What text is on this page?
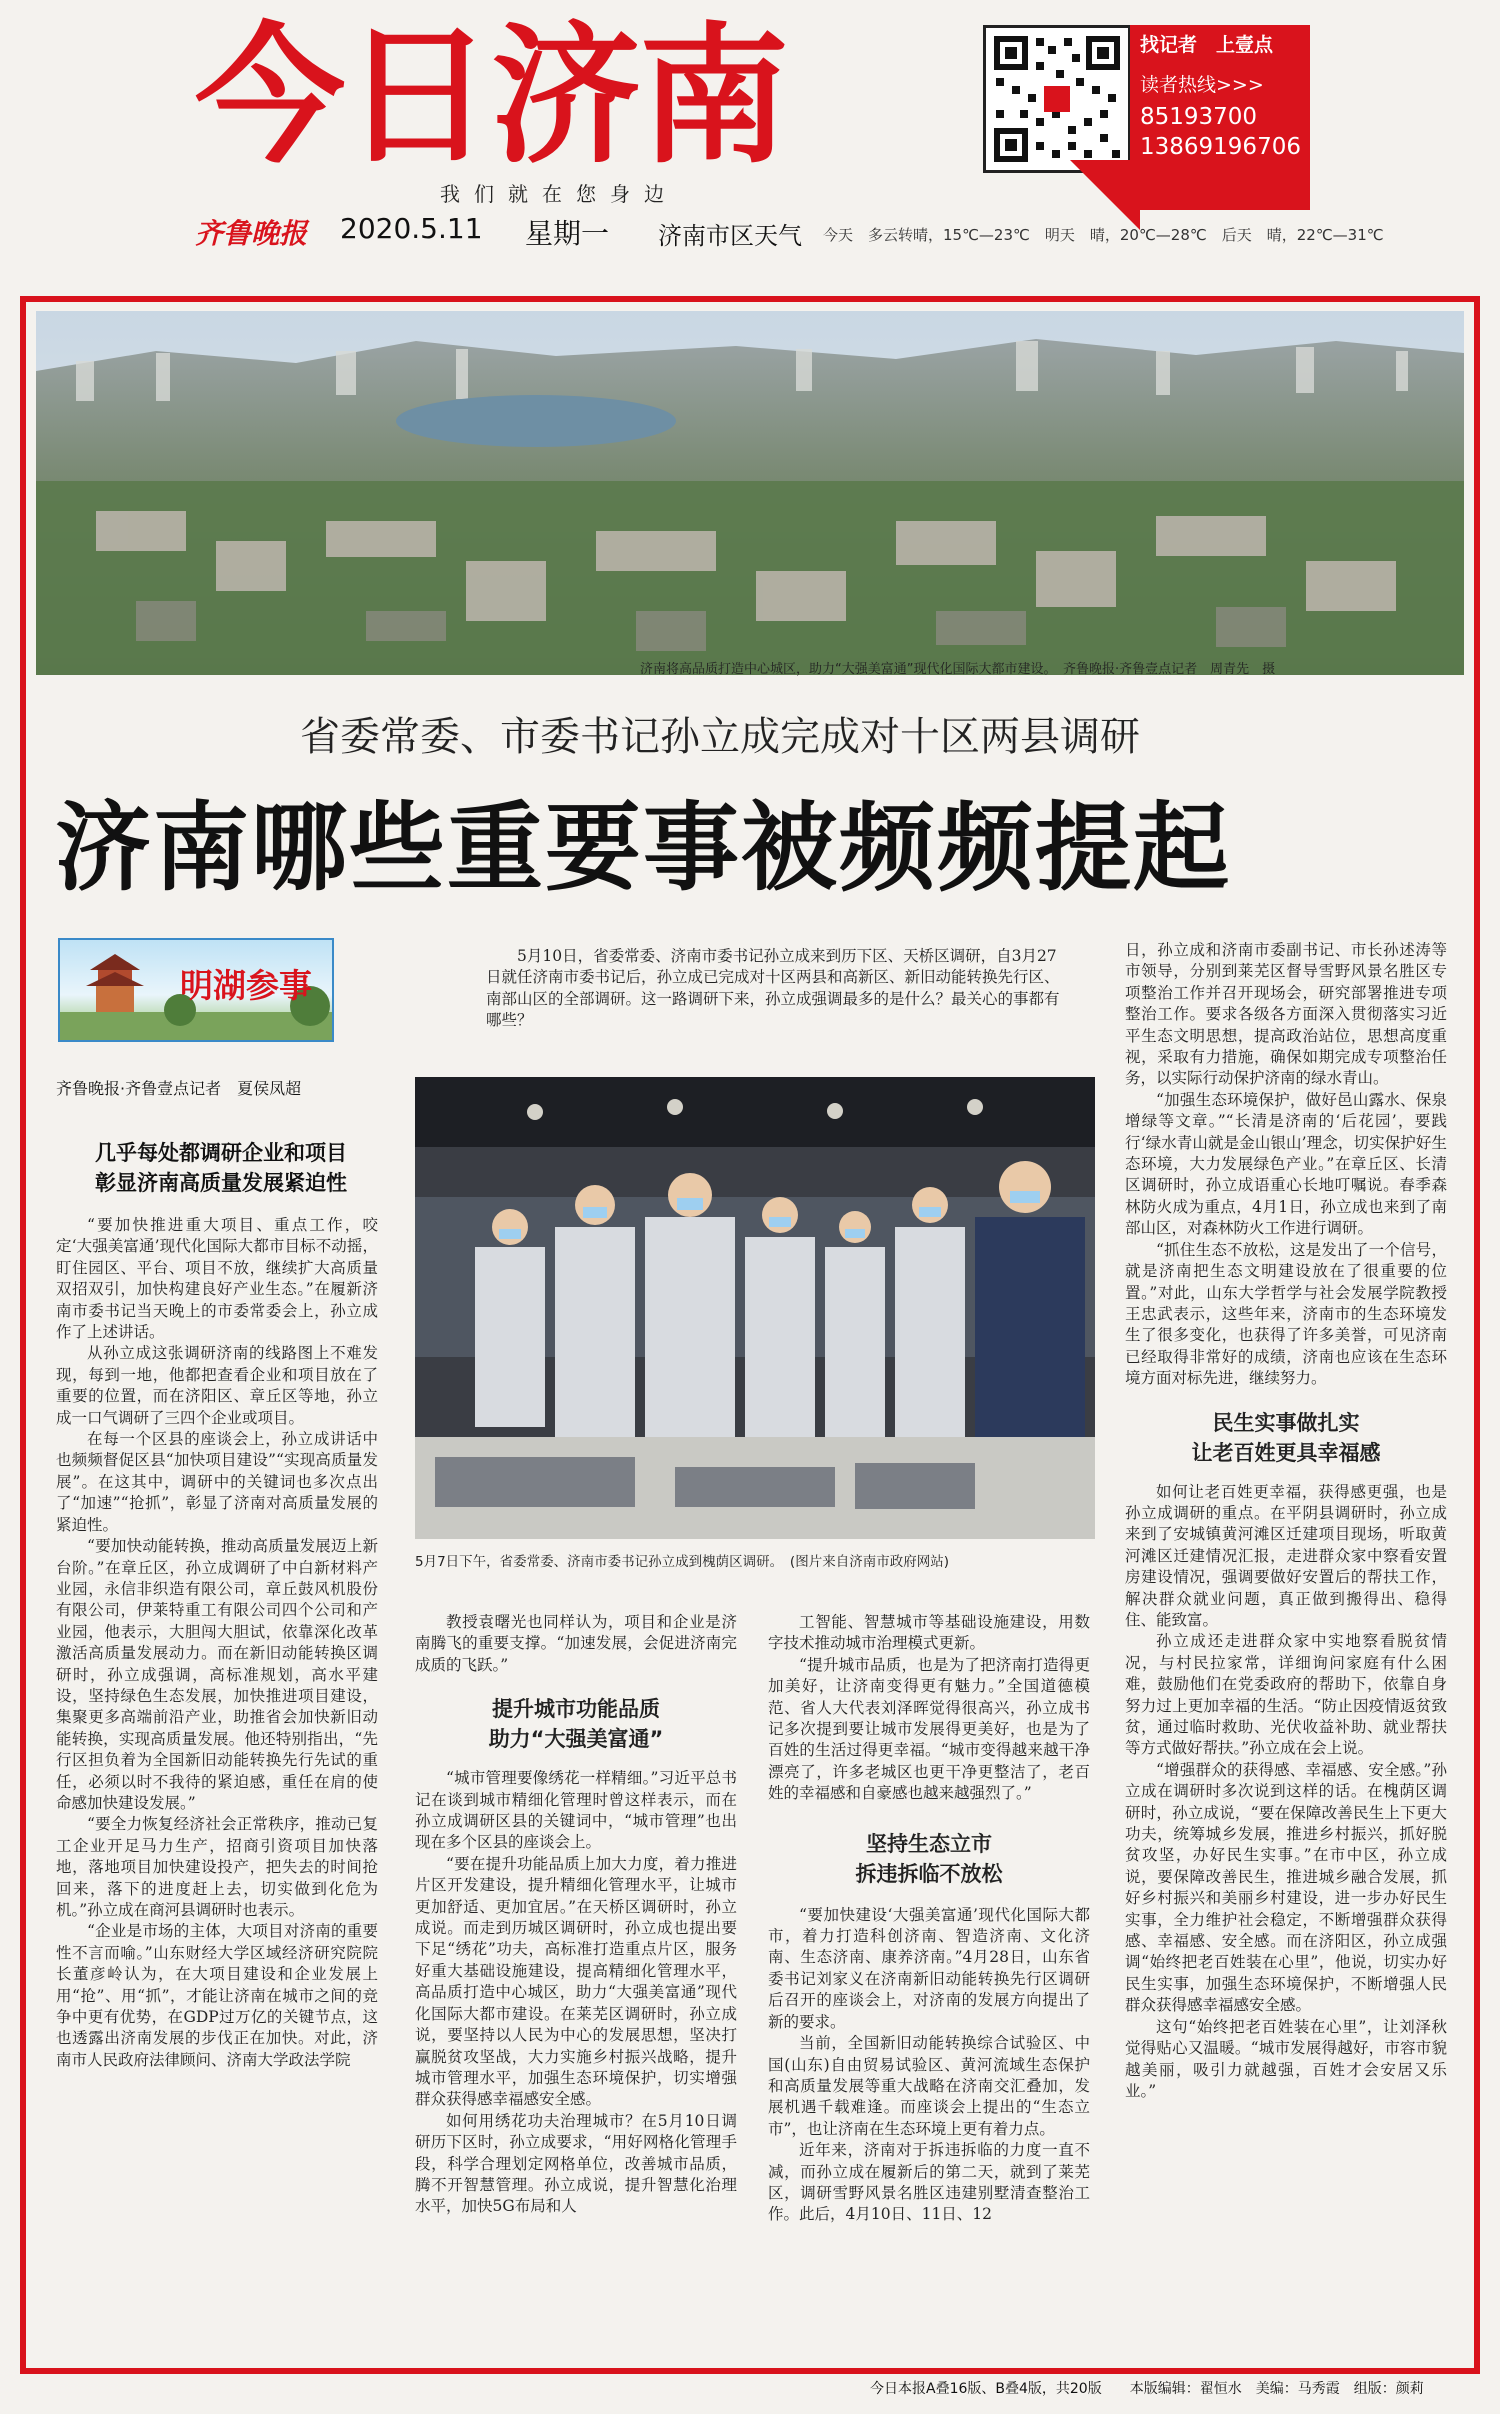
今日济南
我们就在您身边
找记者　上壹点
读者热线>>>
85193700
13869196706
齐鲁晚报 2020.5.11 星期一 济南市区天气 今天　多云转晴，15℃—23℃　明天　晴，20℃—28℃　后天　晴，22℃—31℃
济南将高品质打造中心城区，助力“大强美富通”现代化国际大都市建设。　齐鲁晚报·齐鲁壹点记者　周青先　摄
省委常委、市委书记孙立成完成对十区两县调研
济南哪些重要事被频频提起
明湖参事
齐鲁晚报·齐鲁壹点记者　夏侯凤超
几乎每处都调研企业和项目
彰显济南高质量发展紧迫性

“要加快推进重大项目、重点工作，咬定‘大强美富通’现代化国际大都市目标不动摇，盯住园区、平台、项目不放，继续扩大高质量双招双引，加快构建良好产业生态。”在履新济南市委书记当天晚上的市委常委会上，孙立成作了上述讲话。

从孙立成这张调研济南的线路图上不难发现，每到一地，他都把查看企业和项目放在了重要的位置，而在济阳区、章丘区等地，孙立成一口气调研了三四个企业或项目。

在每一个区县的座谈会上，孙立成讲话中也频频督促区县“加快项目建设”“实现高质量发展”。在这其中，调研中的关键词也多次点出了“加速”“抢抓”，彰显了济南对高质量发展的紧迫性。

“要加快动能转换，推动高质量发展迈上新台阶。”在章丘区，孙立成调研了中白新材料产业园，永信非织造有限公司，章丘鼓风机股份有限公司，伊莱特重工有限公司四个公司和产业园，他表示，大胆闯大胆试，依靠深化改革激活高质量发展动力。而在新旧动能转换区调研时，孙立成强调，高标准规划，高水平建设，坚持绿色生态发展，加快推进项目建设，集聚更多高端前沿产业，助推省会加快新旧动能转换，实现高质量发展。他还特别指出，“先行区担负着为全国新旧动能转换先行先试的重任，必须以时不我待的紧迫感，重任在肩的使命感加快建设发展。”

“要全力恢复经济社会正常秩序，推动已复工企业开足马力生产，招商引资项目加快落地，落地项目加快建设投产，把失去的时间抢回来，落下的进度赶上去，切实做到化危为机。”孙立成在商河县调研时也表示。

“企业是市场的主体，大项目对济南的重要性不言而喻。”山东财经大学区域经济研究院院长董彦岭认为，在大项目建设和企业发展上用“抢”、用“抓”，才能让济南在城市之间的竞争中更有优势，在GDP过万亿的关键节点，这也透露出济南发展的步伐正在加快。对此，济南市人民政府法律顾问、济南大学政法学院

5月10日，省委常委、济南市委书记孙立成来到历下区、天桥区调研，自3月27日就任济南市委书记后，孙立成已完成对十区两县和高新区、新旧动能转换先行区、南部山区的全部调研。这一路调研下来，孙立成强调最多的是什么？最关心的事都有哪些？
5月7日下午，省委常委、济南市委书记孙立成到槐荫区调研。　(图片来自济南市政府网站)

教授袁曙光也同样认为，项目和企业是济南腾飞的重要支撑。“加速发展，会促进济南完成质的飞跃。”

提升城市功能品质
助力“大强美富通”

“城市管理要像绣花一样精细。”习近平总书记在谈到城市精细化管理时曾这样表示，而在孙立成调研区县的关键词中，“城市管理”也出现在多个区县的座谈会上。

“要在提升功能品质上加大力度，着力推进片区开发建设，提升精细化管理水平，让城市更加舒适、更加宜居。”在天桥区调研时，孙立成说。而走到历城区调研时，孙立成也提出要下足“绣花”功夫，高标准打造重点片区，服务好重大基础设施建设，提高精细化管理水平，高品质打造中心城区，助力“大强美富通”现代化国际大都市建设。在莱芜区调研时，孙立成说，要坚持以人民为中心的发展思想，坚决打赢脱贫攻坚战，大力实施乡村振兴战略，提升城市管理水平，加强生态环境保护，切实增强群众获得感幸福感安全感。

如何用绣花功夫治理城市？在5月10日调研历下区时，孙立成要求，“用好网格化管理手段，科学合理划定网格单位，改善城市品质，腾不开智慧管理。孙立成说，提升智慧化治理水平，加快5G布局和人

工智能、智慧城市等基础设施建设，用数字技术推动城市治理模式更新。

“提升城市品质，也是为了把济南打造得更加美好，让济南变得更有魅力。”全国道德模范、省人大代表刘泽晖觉得很高兴，孙立成书记多次提到要让城市发展得更美好，也是为了百姓的生活过得更幸福。“城市变得越来越干净漂亮了，许多老城区也更干净更整洁了，老百姓的幸福感和自豪感也越来越强烈了。”

坚持生态立市
拆违拆临不放松

“要加快建设‘大强美富通’现代化国际大都市，着力打造科创济南、智造济南、文化济南、生态济南、康养济南。”4月28日，山东省委书记刘家义在济南新旧动能转换先行区调研后召开的座谈会上，对济南的发展方向提出了新的要求。

当前，全国新旧动能转换综合试验区、中国(山东)自由贸易试验区、黄河流域生态保护和高质量发展等重大战略在济南交汇叠加，发展机遇千载难逢。而座谈会上提出的“生态立市”，也让济南在生态环境上更有着力点。

近年来，济南对于拆违拆临的力度一直不减，而孙立成在履新后的第二天，就到了莱芜区，调研雪野风景名胜区违建别墅清查整治工作。此后，4月10日、11日、12

日，孙立成和济南市委副书记、市长孙述涛等市领导，分别到莱芜区督导雪野风景名胜区专项整治工作并召开现场会，研究部署推进专项整治工作。要求各级各方面深入贯彻落实习近平生态文明思想，提高政治站位，思想高度重视，采取有力措施，确保如期完成专项整治任务，以实际行动保护济南的绿水青山。

“加强生态环境保护，做好邑山露水、保泉增绿等文章。”“长清是济南的‘后花园’，要践行‘绿水青山就是金山银山’理念，切实保护好生态环境，大力发展绿色产业。”在章丘区、长清区调研时，孙立成语重心长地叮嘱说。春季森林防火成为重点，4月1日，孙立成也来到了南部山区，对森林防火工作进行调研。

“抓住生态不放松，这是发出了一个信号，就是济南把生态文明建设放在了很重要的位置。”对此，山东大学哲学与社会发展学院教授王忠武表示，这些年来，济南市的生态环境发生了很多变化，也获得了许多美誉，可见济南已经取得非常好的成绩，济南也应该在生态环境方面对标先进，继续努力。

民生实事做扎实
让老百姓更具幸福感

如何让老百姓更幸福，获得感更强，也是孙立成调研的重点。在平阴县调研时，孙立成来到了安城镇黄河滩区迁建项目现场，听取黄河滩区迁建情况汇报，走进群众家中察看安置房建设情况，强调要做好安置后的帮扶工作，解决群众就业问题，真正做到搬得出、稳得住、能致富。

孙立成还走进群众家中实地察看脱贫情况，与村民拉家常，详细询问家庭有什么困难，鼓励他们在党委政府的帮助下，依靠自身努力过上更加幸福的生活。“防止因疫情返贫致贫，通过临时救助、光伏收益补助、就业帮扶等方式做好帮扶。”孙立成在会上说。

“增强群众的获得感、幸福感、安全感。”孙立成在调研时多次说到这样的话。在槐荫区调研时，孙立成说，“要在保障改善民生上下更大功夫，统筹城乡发展，推进乡村振兴，抓好脱贫攻坚，办好民生实事。”在市中区，孙立成说，要保障改善民生，推进城乡融合发展，抓好乡村振兴和美丽乡村建设，进一步办好民生实事，全力维护社会稳定，不断增强群众获得感、幸福感、安全感。而在济阳区，孙立成强调“始终把老百姓装在心里”，他说，切实办好民生实事，加强生态环境保护，不断增强人民群众获得感幸福感安全感。

这句“始终把老百姓装在心里”，让刘泽秋觉得贴心又温暖。“城市发展得越好，市容市貌越美丽，吸引力就越强，百姓才会安居又乐业。”

今日本报A叠16版、B叠4版，共20版　　本版编辑：翟恒水　美编：马秀霞　组版：颜莉
